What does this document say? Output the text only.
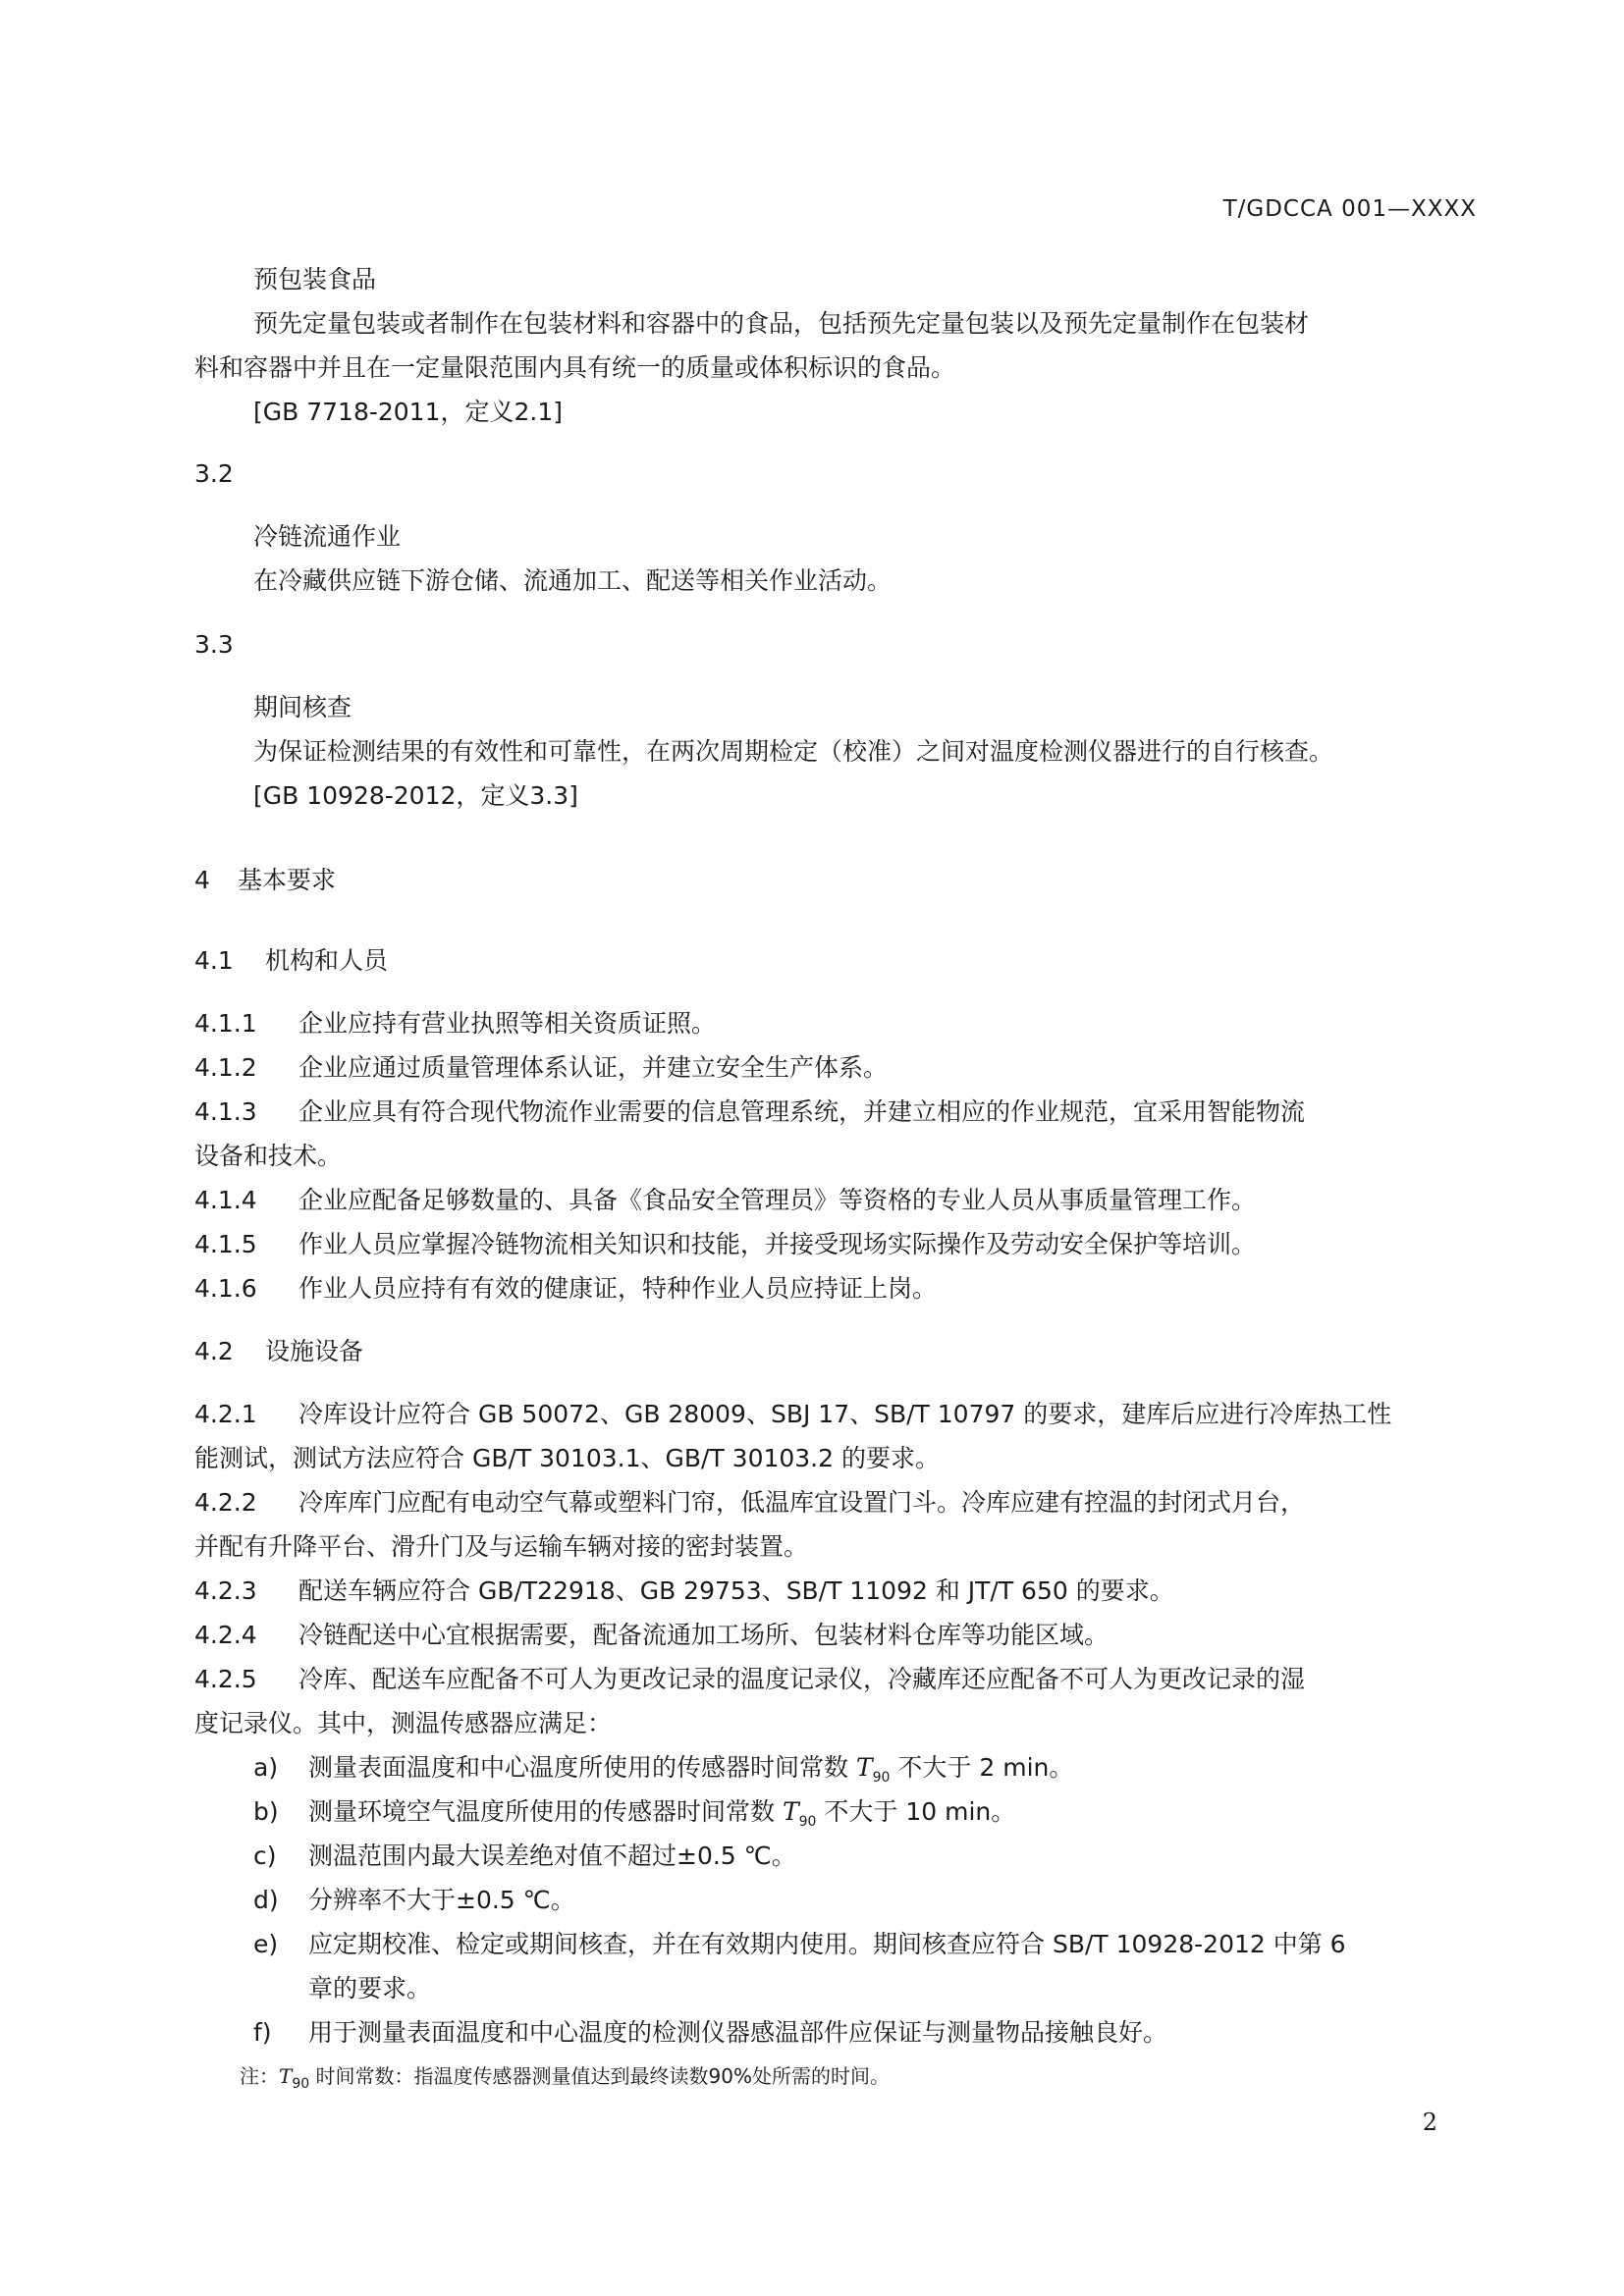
T/GDCCA 001—XXXX
预包装食品
预先定量包装或者制作在包装材料和容器中的食品，包括预先定量包装以及预先定量制作在包装材
料和容器中并且在一定量限范围内具有统一的质量或体积标识的食品。
[GB 7718-2011，定义2.1]
3.2
冷链流通作业
在冷藏供应链下游仓储、流通加工、配送等相关作业活动。
3.3
期间核查
为保证检测结果的有效性和可靠性，在两次周期检定（校准）之间对温度检测仪器进行的自行核查。
[GB 10928-2012，定义3.3]
4 基本要求
4.1 机构和人员
4.1.1 企业应持有营业执照等相关资质证照。
4.1.2 企业应通过质量管理体系认证，并建立安全生产体系。
4.1.3 企业应具有符合现代物流作业需要的信息管理系统，并建立相应的作业规范，宜采用智能物流
设备和技术。
4.1.4 企业应配备足够数量的、具备《食品安全管理员》等资格的专业人员从事质量管理工作。
4.1.5 作业人员应掌握冷链物流相关知识和技能，并接受现场实际操作及劳动安全保护等培训。
4.1.6 作业人员应持有有效的健康证，特种作业人员应持证上岗。
4.2 设施设备
4.2.1 冷库设计应符合 GB 50072、GB 28009、SBJ 17、SB/T 10797 的要求，建库后应进行冷库热工性
能测试，测试方法应符合 GB/T 30103.1、GB/T 30103.2 的要求。
4.2.2 冷库库门应配有电动空气幕或塑料门帘，低温库宜设置门斗。冷库应建有控温的封闭式月台，
并配有升降平台、滑升门及与运输车辆对接的密封装置。
4.2.3 配送车辆应符合 GB/T22918、GB 29753、SB/T 11092 和 JT/T 650 的要求。
4.2.4 冷链配送中心宜根据需要，配备流通加工场所、包装材料仓库等功能区域。
4.2.5 冷库、配送车应配备不可人为更改记录的温度记录仪，冷藏库还应配备不可人为更改记录的湿
度记录仪。其中，测温传感器应满足：
a) 测量表面温度和中心温度所使用的传感器时间常数 $T_{90}$ 不大于 2 min。
b) 测量环境空气温度所使用的传感器时间常数 $T_{90}$ 不大于 10 min。
c) 测温范围内最大误差绝对值不超过±0.5 ℃。
d) 分辨率不大于±0.5 ℃。
e) 应定期校准、检定或期间核查，并在有效期内使用。期间核查应符合 SB/T 10928-2012 中第 6
章的要求。
f) 用于测量表面温度和中心温度的检测仪器感温部件应保证与测量物品接触良好。
注：$T_{90}$ 时间常数：指温度传感器测量值达到最终读数90%处所需的时间。
2
